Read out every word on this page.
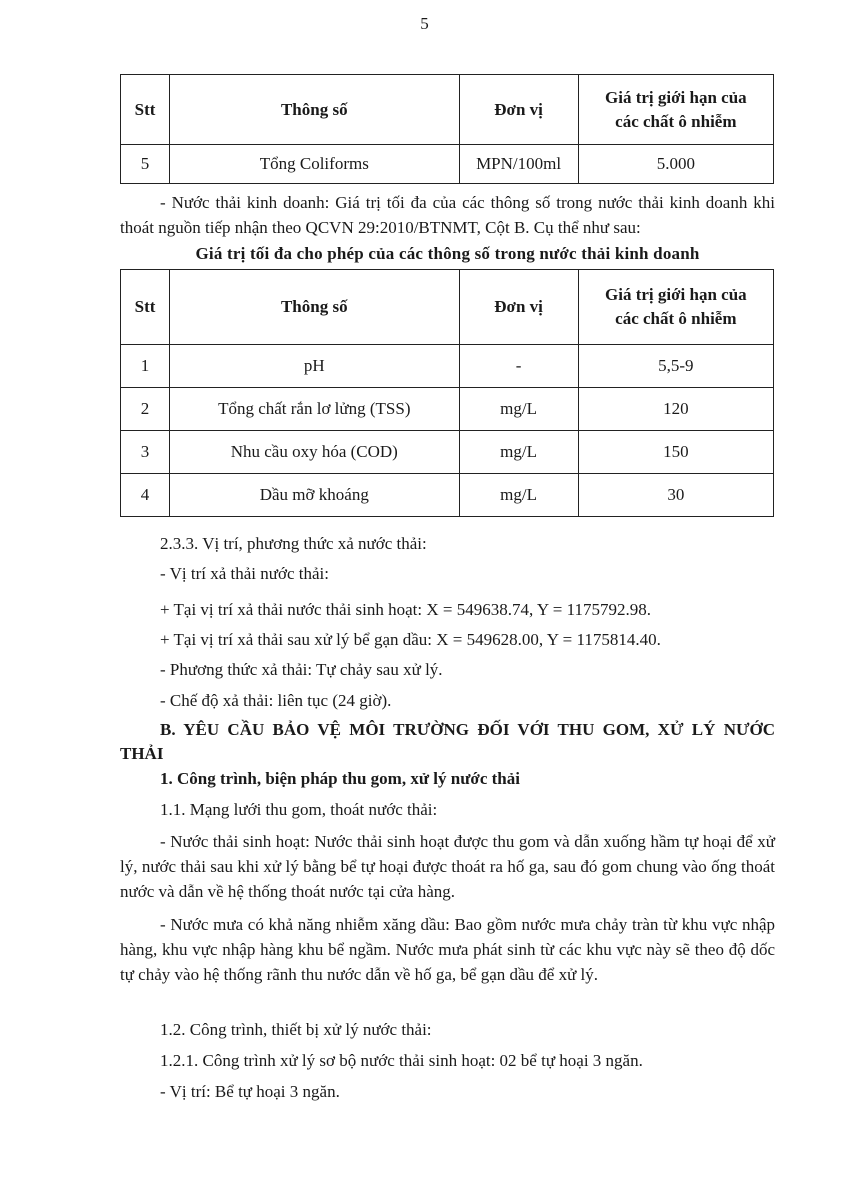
5
Stt	Thông số	Đơn vị	Giá trị giới hạn của
các chất ô nhiễm
5	Tổng Coliforms	MPN/100ml	5.000

- Nước thải kinh doanh: Giá trị tối đa của các thông số trong nước thải kinh doanh khi thoát nguồn tiếp nhận theo QCVN 29:2010/BTNMT, Cột B. Cụ thể như sau:

Giá trị tối đa cho phép của các thông số trong nước thải kinh doanh
Stt	Thông số	Đơn vị	Giá trị giới hạn của
các chất ô nhiễm
1	pH	-	5,5-9
2	Tổng chất rắn lơ lửng (TSS)	mg/L	120
3	Nhu cầu oxy hóa (COD)	mg/L	150
4	Dầu mỡ khoáng	mg/L	30

2.3.3. Vị trí, phương thức xả nước thải:

- Vị trí xả thải nước thải:

+ Tại vị trí xả thải nước thải sinh hoạt: X = 549638.74, Y = 1175792.98.

+ Tại vị trí xả thải sau xử lý bể gạn dầu: X = 549628.00, Y = 1175814.40.

- Phương thức xả thải: Tự chảy sau xử lý.

- Chế độ xả thải: liên tục (24 giờ).

B. YÊU CẦU BẢO VỆ MÔI TRƯỜNG ĐỐI VỚI THU GOM, XỬ LÝ NƯỚC THẢI

1. Công trình, biện pháp thu gom, xử lý nước thải

1.1. Mạng lưới thu gom, thoát nước thải:

- Nước thải sinh hoạt: Nước thải sinh hoạt được thu gom và dẫn xuống hầm tự hoại để xử lý, nước thải sau khi xử lý bằng bể tự hoại được thoát ra hố ga, sau đó gom chung vào ống thoát nước và dẫn về hệ thống thoát nước tại cửa hàng.

- Nước mưa có khả năng nhiễm xăng dầu: Bao gồm nước mưa chảy tràn từ khu vực nhập hàng, khu vực nhập hàng khu bể ngầm. Nước mưa phát sinh từ các khu vực này sẽ theo độ dốc tự chảy vào hệ thống rãnh thu nước dẫn về hố ga, bể gạn dầu để xử lý.

1.2. Công trình, thiết bị xử lý nước thải:

1.2.1. Công trình xử lý sơ bộ nước thải sinh hoạt: 02 bể tự hoại 3 ngăn.

- Vị trí: Bể tự hoại 3 ngăn.
